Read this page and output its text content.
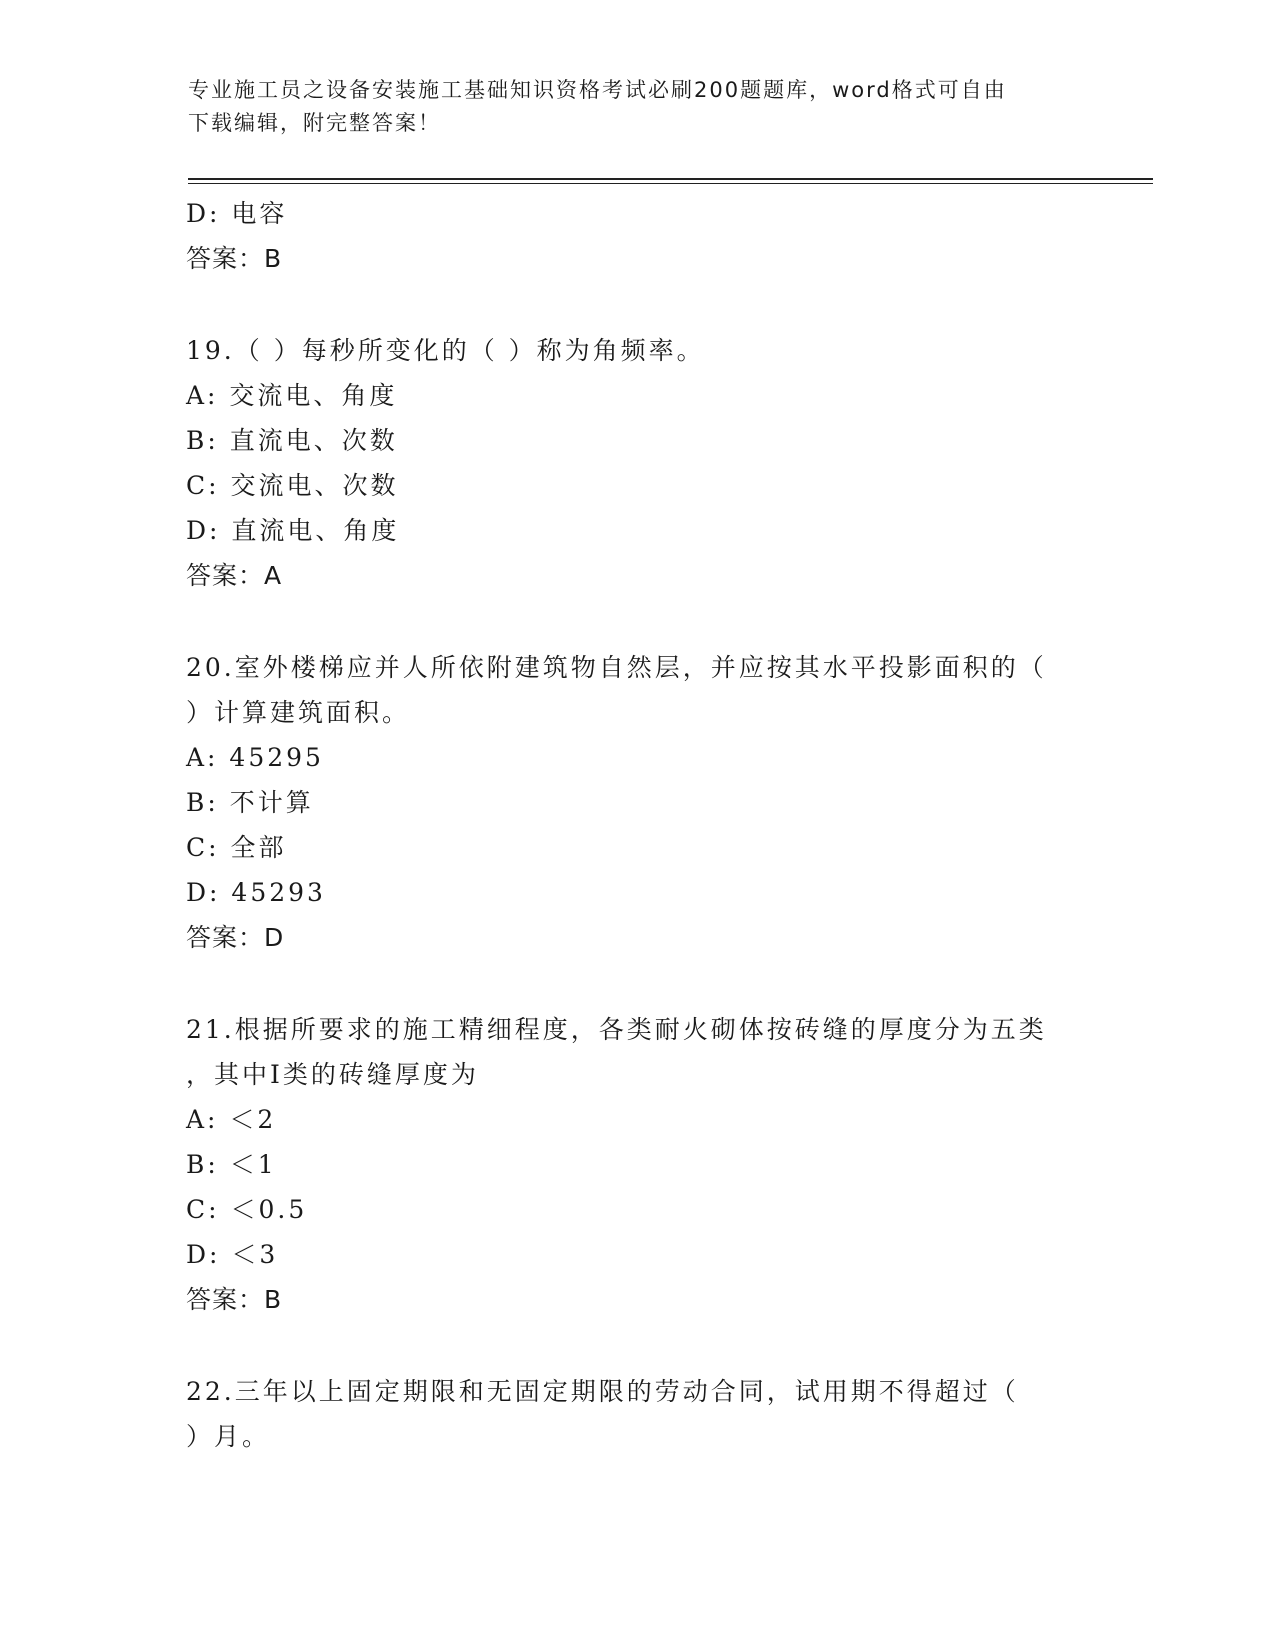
专业施工员之设备安装施工基础知识资格考试必刷200题题库，word格式可自由
下载编辑，附完整答案！
D: 电容
答案：B
19.（ ）每秒所变化的（ ）称为角频率。
A: 交流电、角度
B: 直流电、次数
C: 交流电、次数
D: 直流电、角度
答案：A
20.室外楼梯应并人所依附建筑物自然层，并应按其水平投影面积的（
）计算建筑面积。
A: 45295
B: 不计算
C: 全部
D: 45293
答案：D
21.根据所要求的施工精细程度，各类耐火砌体按砖缝的厚度分为五类
，其中Ⅰ类的砖缝厚度为
A: ＜2
B: ＜1
C: ＜0.5
D: ＜3
答案：B
22.三年以上固定期限和无固定期限的劳动合同，试用期不得超过（
）月。
